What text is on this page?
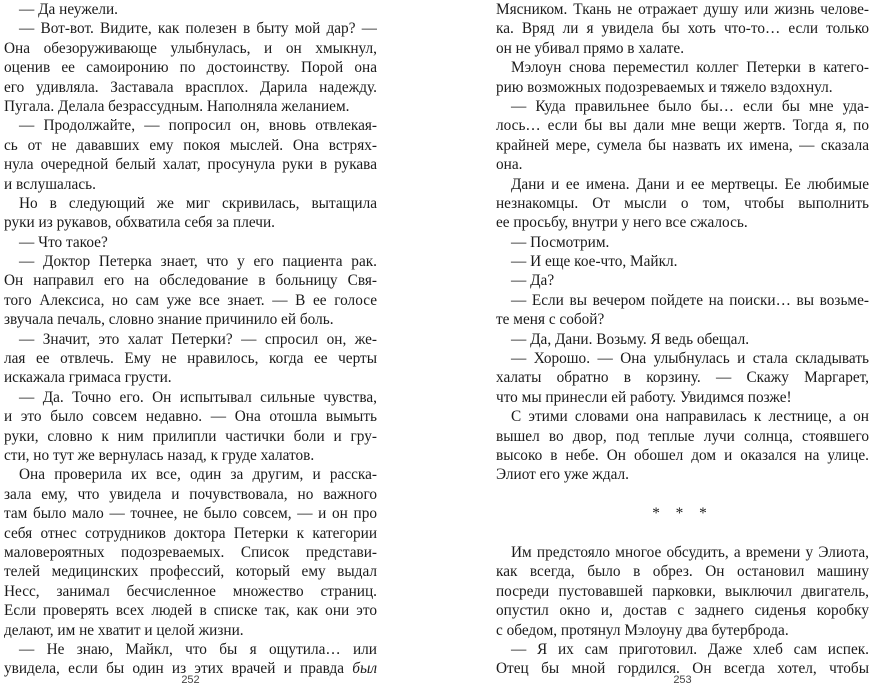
— Да неужели.
— Вот-вот. Видите, как полезен в быту мой дар? —
Она обезоруживающе улыбнулась, и он хмыкнул,
оценив ее самоиронию по достоинству. Порой она
его удивляла. Заставала врасплох. Дарила надежду.
Пугала. Делала безрассудным. Наполняла желанием.
— Продолжайте, — попросил он, вновь отвлекая-
сь от не дававших ему покоя мыслей. Она встрях-
нула очередной белый халат, просунула руки в рукава
и вслушалась.
Но в следующий же миг скривилась, вытащила
руки из рукавов, обхватила себя за плечи.
— Что такое?
— Доктор Петерка знает, что у его пациента рак.
Он направил его на обследование в больницу Свя-
того Алексиса, но сам уже все знает. — В ее голосе
звучала печаль, словно знание причинило ей боль.
— Значит, это халат Петерки? — спросил он, же-
лая ее отвлечь. Ему не нравилось, когда ее черты
искажала гримаса грусти.
— Да. Точно его. Он испытывал сильные чувства,
и это было совсем недавно. — Она отошла вымыть
руки, словно к ним прилипли частички боли и гру-
сти, но тут же вернулась назад, к груде халатов.
Она проверила их все, один за другим, и расска-
зала ему, что увидела и почувствовала, но важного
там было мало — точнее, не было совсем, — и он про
себя отнес сотрудников доктора Петерки к категории
маловероятных подозреваемых. Список представи-
телей медицинских профессий, который ему выдал
Несс, занимал бесчисленное множество страниц.
Если проверять всех людей в списке так, как они это
делают, им не хватит и целой жизни.
— Не знаю, Майкл, что бы я ощутила… или
увидела, если бы один из этих врачей и правда был
252
Мясником. Ткань не отражает душу или жизнь челове-
ка. Вряд ли я увидела бы хоть что-то… если только
он не убивал прямо в халате.
Мэлоун снова переместил коллег Петерки в катего-
рию возможных подозреваемых и тяжело вздохнул.
— Куда правильнее было бы… если бы мне уда-
лось… если бы вы дали мне вещи жертв. Тогда я, по
крайней мере, сумела бы назвать их имена, — сказала
она.
Дани и ее имена. Дани и ее мертвецы. Ее любимые
незнакомцы. От мысли о том, чтобы выполнить
ее просьбу, внутри у него все сжалось.
— Посмотрим.
— И еще кое-что, Майкл.
— Да?
— Если вы вечером пойдете на поиски… вы возьме-
те меня с собой?
— Да, Дани. Возьму. Я ведь обещал.
— Хорошо. — Она улыбнулась и стала складывать
халаты обратно в корзину. — Скажу Маргарет,
что мы принесли ей работу. Увидимся позже!
С этими словами она направилась к лестнице, а он
вышел во двор, под теплые лучи солнца, стоявшего
высоко в небе. Он обошел дом и оказался на улице.
Элиот его уже ждал.
* * *
Им предстояло многое обсудить, а времени у Элиота,
как всегда, было в обрез. Он остановил машину
посреди пустовавшей парковки, выключил двигатель,
опустил окно и, достав с заднего сиденья коробку
с обедом, протянул Мэлоуну два бутерброда.
— Я их сам приготовил. Даже хлеб сам испек.
Отец бы мной гордился. Он всегда хотел, чтобы
253
